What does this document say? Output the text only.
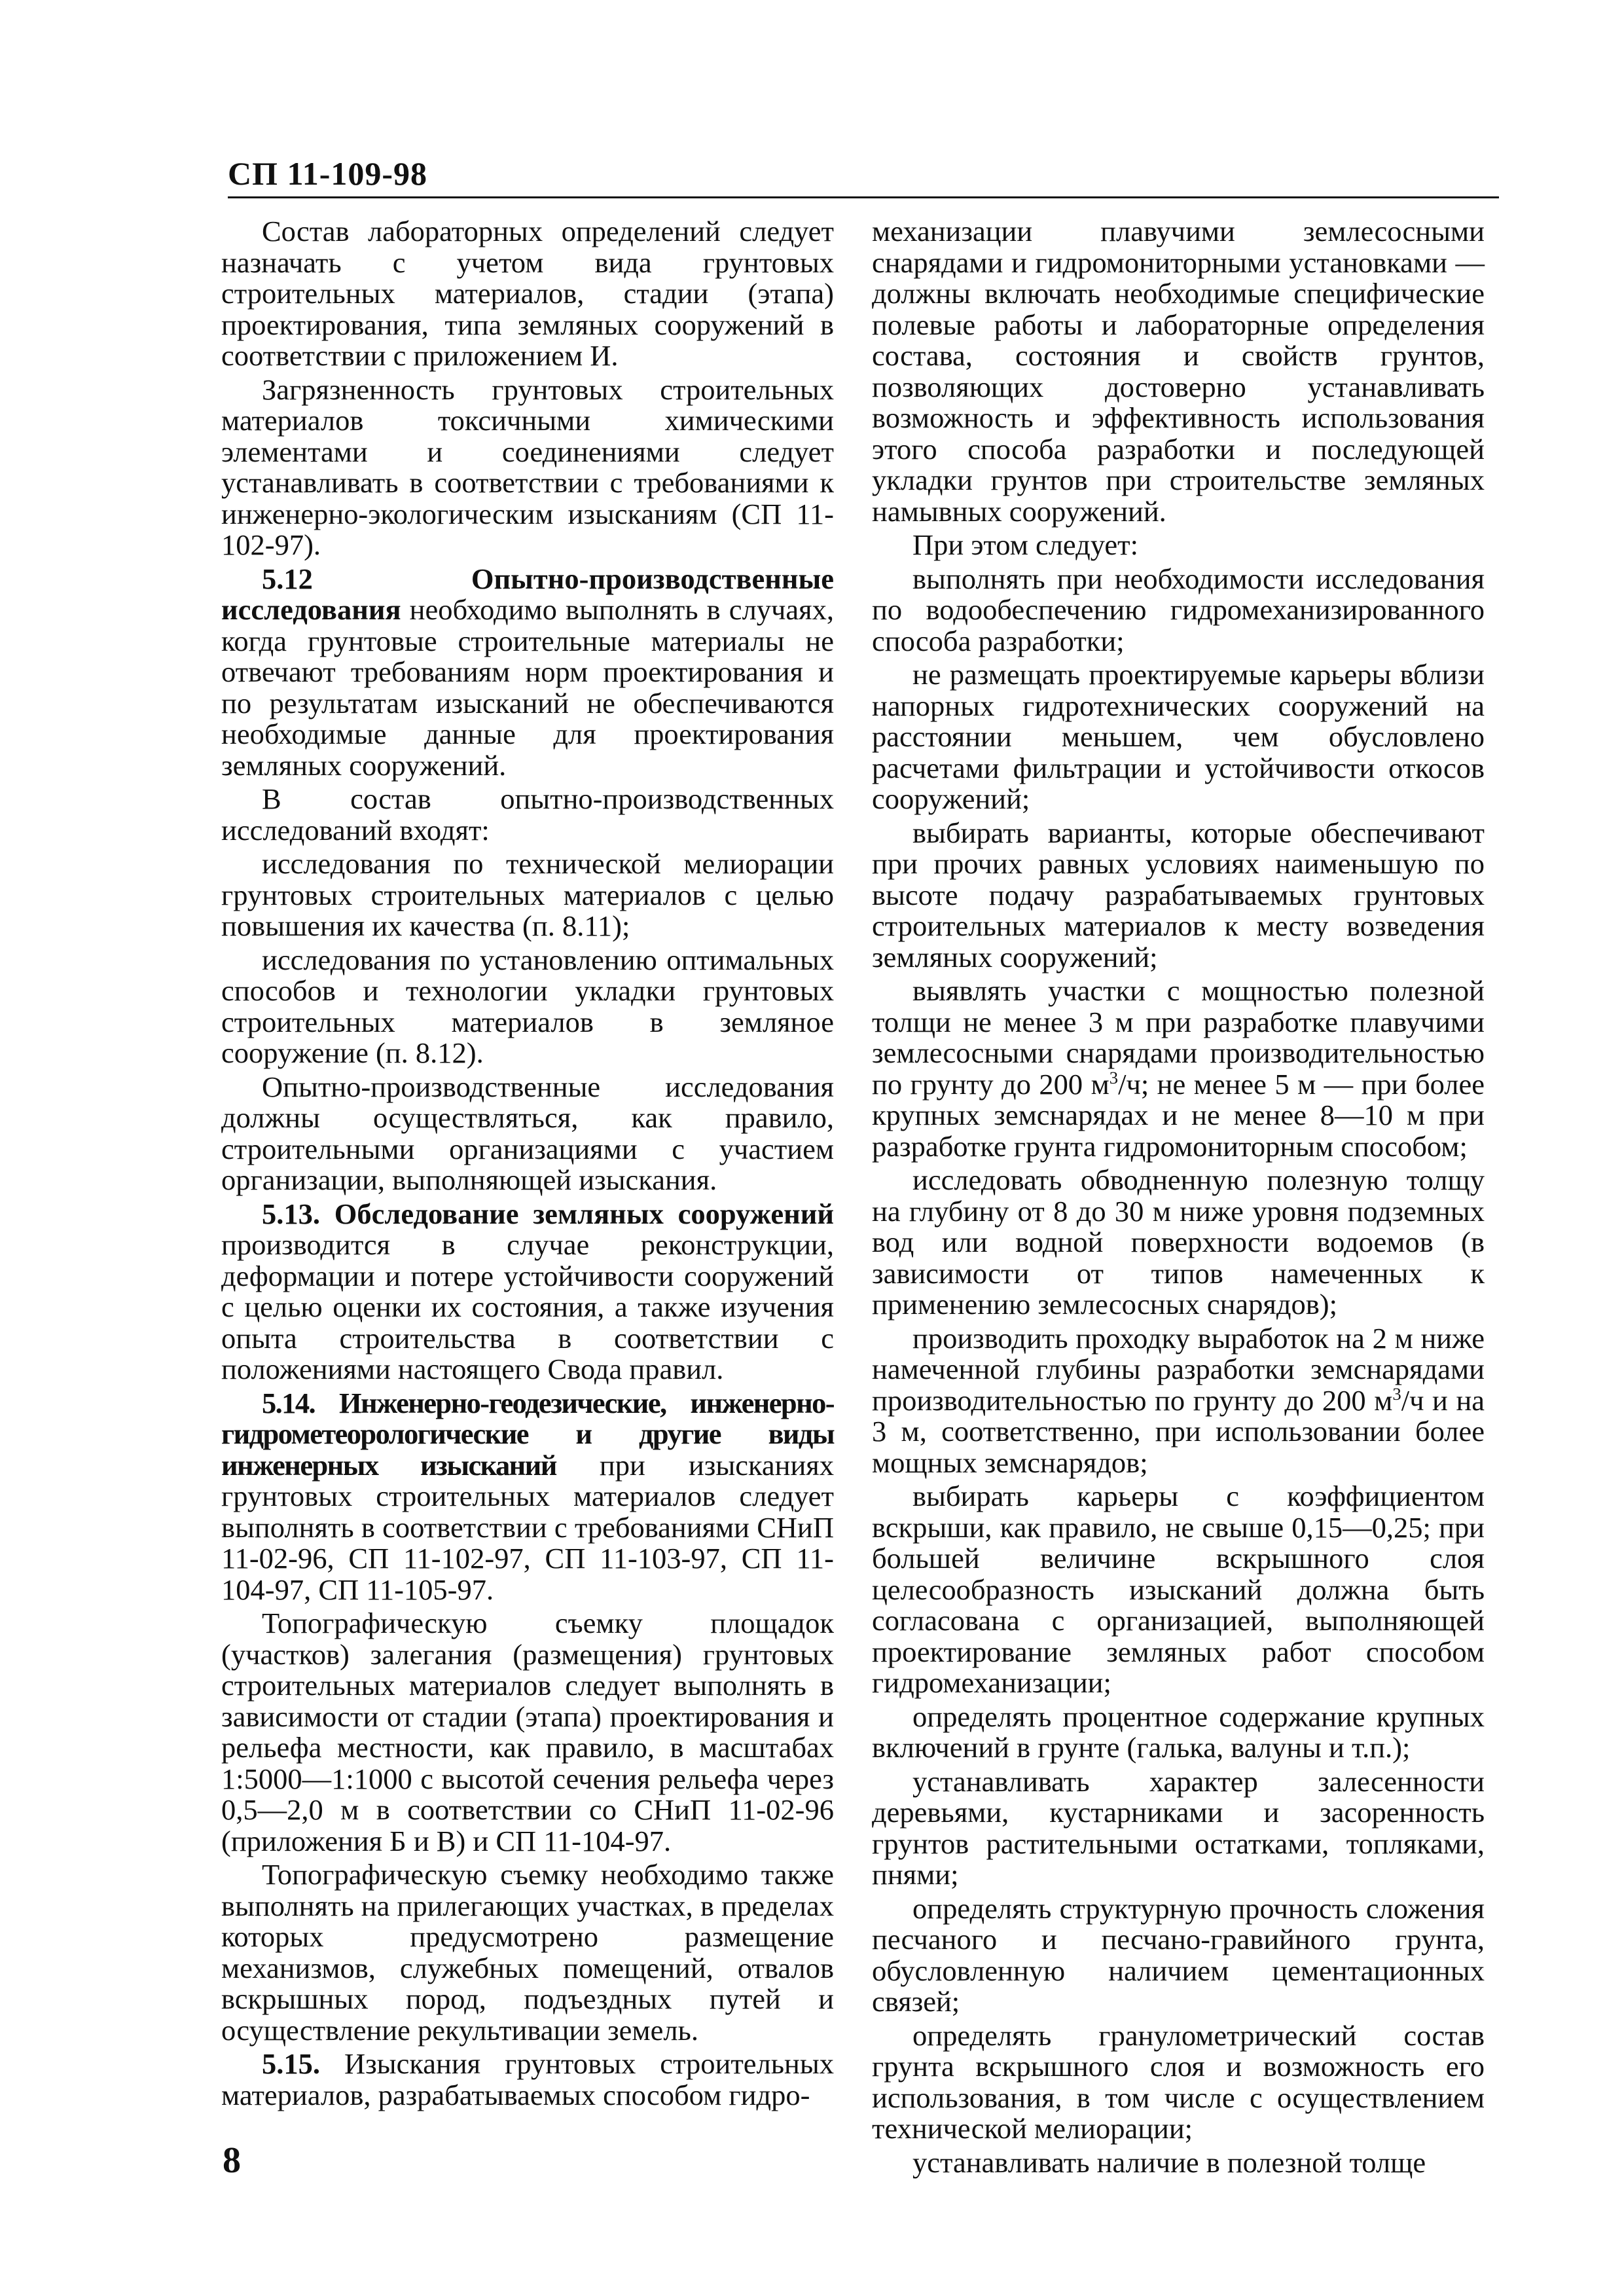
СП 11-109-98

Состав лабораторных определений следует назначать с учетом вида грунтовых строительных материалов, стадии (этапа) проектирования, типа земляных сооружений в соответствии с приложением И.

Загрязненность грунтовых строительных материалов токсичными химическими элементами и соединениями следует устанавливать в соответствии с требованиями к инженерно-экологическим изысканиям (СП 11-102-97).

5.12 Опытно-производственные исследования необходимо выполнять в случаях, когда грунтовые строительные материалы не отвечают требованиям норм проектирования и по результатам изысканий не обеспечиваются необходимые данные для проектирования земляных сооружений.

В состав опытно-производственных исследований входят:

исследования по технической мелиорации грунтовых строительных материалов с целью повышения их качества (п. 8.11);

исследования по установлению оптимальных способов и технологии укладки грунтовых строительных материалов в земляное сооружение (п. 8.12).

Опытно-производственные исследования должны осуществляться, как правило, строительными организациями с участием организации, выполняющей изыскания.

5.13. Обследование земляных сооружений производится в случае реконструкции, деформации и потере устойчивости сооружений с целью оценки их состояния, а также изучения опыта строительства в соответствии с положениями настоящего Свода правил.

5.14. Инженерно-геодезические, инженерно-гидрометеорологические и другие виды инженерных изысканий при изысканиях грунтовых строительных материалов следует выполнять в соответствии с требованиями СНиП 11-02-96, СП 11-102-97, СП 11-103-97, СП 11-104-97, СП 11-105-97.

Топографическую съемку площадок (участков) залегания (размещения) грунтовых строительных материалов следует выполнять в зависимости от стадии (этапа) проектирования и рельефа местности, как правило, в масштабах 1:5000—1:1000 с высотой сечения рельефа через 0,5—2,0 м в соответствии со СНиП 11-02-96 (приложения Б и В) и СП 11-104-97.

Топографическую съемку необходимо также выполнять на прилегающих участках, в пределах которых предусмотрено размещение механизмов, служебных помещений, отвалов вскрышных пород, подъездных путей и осуществление рекультивации земель.

5.15. Изыскания грунтовых строительных материалов, разрабатываемых способом гидро-

механизации плавучими землесосными снарядами и гидромониторными установками — должны включать необходимые специфические полевые работы и лабораторные определения состава, состояния и свойств грунтов, позволяющих достоверно устанавливать возможность и эффективность использования этого способа разработки и последующей укладки грунтов при строительстве земляных намывных сооружений.

При этом следует:

выполнять при необходимости исследования по водообеспечению гидромеханизированного способа разработки;

не размещать проектируемые карьеры вблизи напорных гидротехнических сооружений на расстоянии меньшем, чем обусловлено расчетами фильтрации и устойчивости откосов сооружений;

выбирать варианты, которые обеспечивают при прочих равных условиях наименьшую по высоте подачу разрабатываемых грунтовых строительных материалов к месту возведения земляных сооружений;

выявлять участки с мощностью полезной толщи не менее 3 м при разработке плавучими землесосными снарядами производительностью по грунту до 200 $м^3/ч$; не менее 5 м — при более крупных земснарядах и не менее 8—10 м при разработке грунта гидромониторным способом;

исследовать обводненную полезную толщу на глубину от 8 до 30 м ниже уровня подземных вод или водной поверхности водоемов (в зависимости от типов намеченных к применению землесосных снарядов);

производить проходку выработок на 2 м ниже намеченной глубины разработки земснарядами производительностью по грунту до 200 $м^3/ч$ и на 3 м, соответственно, при использовании более мощных земснарядов;

выбирать карьеры с коэффициентом вскрыши, как правило, не свыше 0,15—0,25; при большей величине вскрышного слоя целесообразность изысканий должна быть согласована с организацией, выполняющей проектирование земляных работ способом гидромеханизации;

определять процентное содержание крупных включений в грунте (галька, валуны и т.п.);

устанавливать характер залесенности деревьями, кустарниками и засоренность грунтов растительными остатками, топляками, пнями;

определять структурную прочность сложения песчаного и песчано-гравийного грунта, обусловленную наличием цементационных связей;

определять гранулометрический состав грунта вскрышного слоя и возможность его использования, в том числе с осуществлением технической мелиорации;

устанавливать наличие в полезной толще

8
